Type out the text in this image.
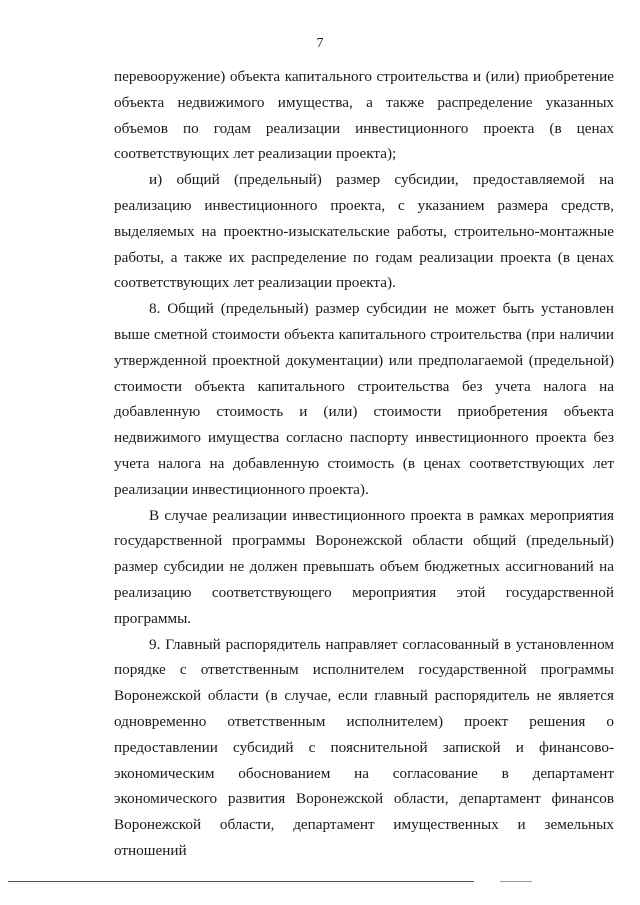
7

перевооружение) объекта капитального строительства и (или) приобретение объекта недвижимого имущества, а также распределение указанных объемов по годам реализации инвестиционного проекта (в ценах соответствующих лет реализации проекта);

и) общий (предельный) размер субсидии, предоставляемой на реализацию инвестиционного проекта, с указанием размера средств, выделяемых на проектно-изыскательские работы, строительно-монтажные работы, а также их распределение по годам реализации проекта (в ценах соответствующих лет реализации проекта).

8. Общий (предельный) размер субсидии не может быть установлен выше сметной стоимости объекта капитального строительства (при наличии утвержденной проектной документации) или предполагаемой (предельной) стоимости объекта капитального строительства без учета налога на добавленную стоимость и (или) стоимости приобретения объекта недвижимого имущества согласно паспорту инвестиционного проекта без учета налога на добавленную стоимость (в ценах соответствующих лет реализации инвестиционного проекта).

В случае реализации инвестиционного проекта в рамках мероприятия государственной программы Воронежской области общий (предельный) размер субсидии не должен превышать объем бюджетных ассигнований на реализацию соответствующего мероприятия этой государственной программы.

9. Главный распорядитель направляет согласованный в установленном порядке с ответственным исполнителем государственной программы Воронежской области (в случае, если главный распорядитель не является одновременно ответственным исполнителем) проект решения о предоставлении субсидий с пояснительной запиской и финансово-экономическим обоснованием на согласование в департамент экономического развития Воронежской области, департамент финансов Воронежской области, департамент имущественных и земельных отношений
